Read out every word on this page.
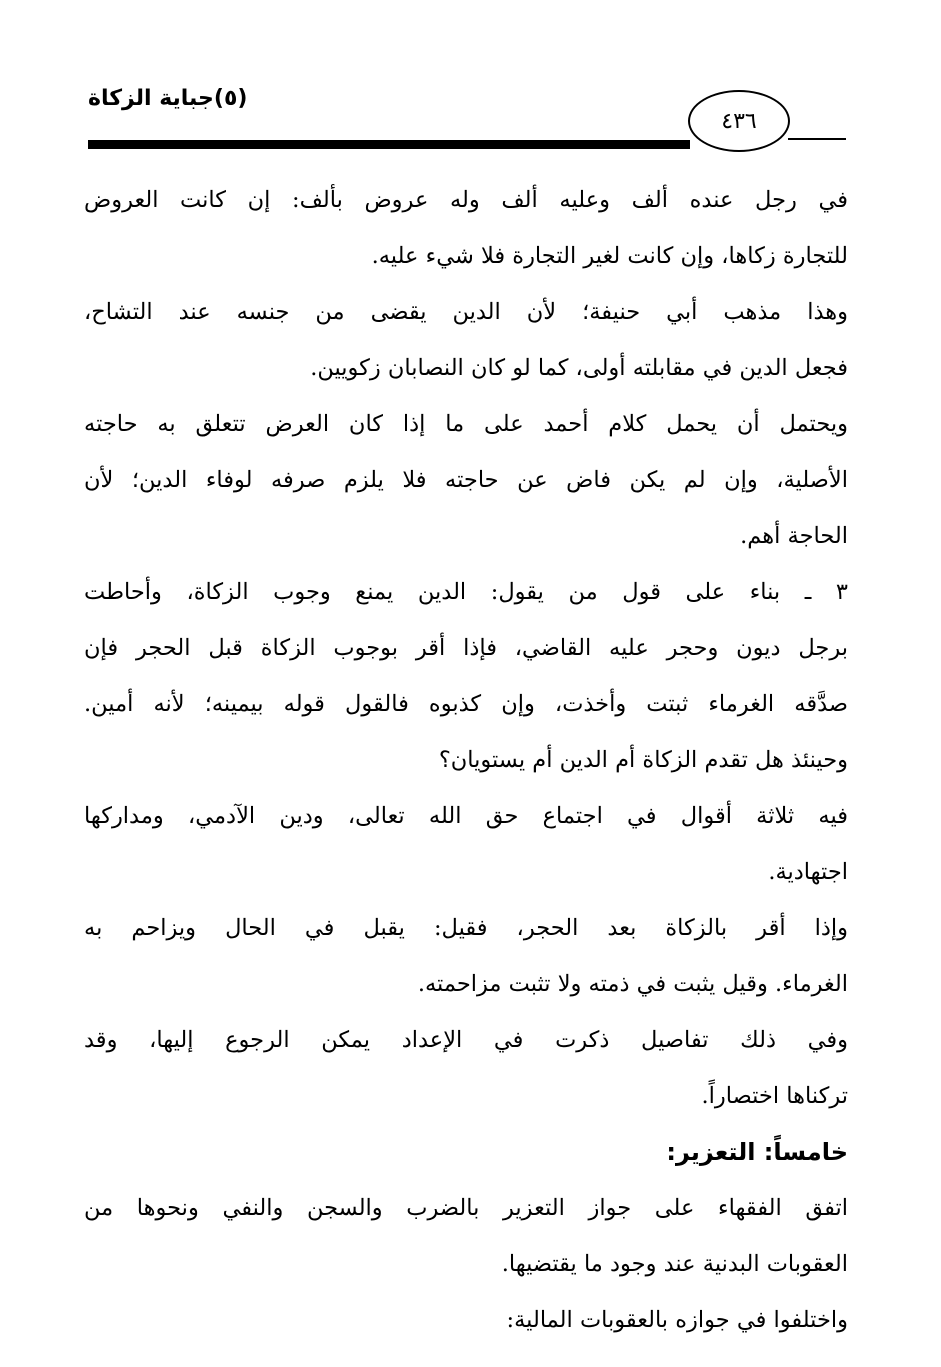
(٥)جباية الزكاة
٤٣٦
في رجل عنده ألف وعليه ألف وله عروض بألف: إن كانت العروض
للتجارة زكاها، وإن كانت لغير التجارة فلا شيء عليه.
وهذا مذهب أبي حنيفة؛ لأن الدين يقضى من جنسه عند التشاح،
فجعل الدين في مقابلته أولى، كما لو كان النصابان زكويين.
ويحتمل أن يحمل كلام أحمد على ما إذا كان العرض تتعلق به حاجته
الأصلية، وإن لم يكن فاض عن حاجته فلا يلزم صرفه لوفاء الدين؛ لأن
الحاجة أهم.
٣ ـ بناء على قول من يقول: الدين يمنع وجوب الزكاة، وأحاطت
برجل ديون وحجر عليه القاضي، فإذا أقر بوجوب الزكاة قبل الحجر فإن
صدَّقه الغرماء ثبتت وأخذت، وإن كذبوه فالقول قوله بيمينه؛ لأنه أمين.
وحينئذ هل تقدم الزكاة أم الدين أم يستويان؟
فيه ثلاثة أقوال في اجتماع حق الله تعالى، ودين الآدمي، ومداركها
اجتهادية.
وإذا أقر بالزكاة بعد الحجر، فقيل: يقبل في الحال ويزاحم به
الغرماء. وقيل يثبت في ذمته ولا تثبت مزاحمته.
وفي ذلك تفاصيل ذكرت في الإعداد يمكن الرجوع إليها، وقد
تركناها اختصاراً.
خامساً: التعزير:
اتفق الفقهاء على جواز التعزير بالضرب والسجن والنفي ونحوها من
العقوبات البدنية عند وجود ما يقتضيها.
واختلفوا في جوازه بالعقوبات المالية:
